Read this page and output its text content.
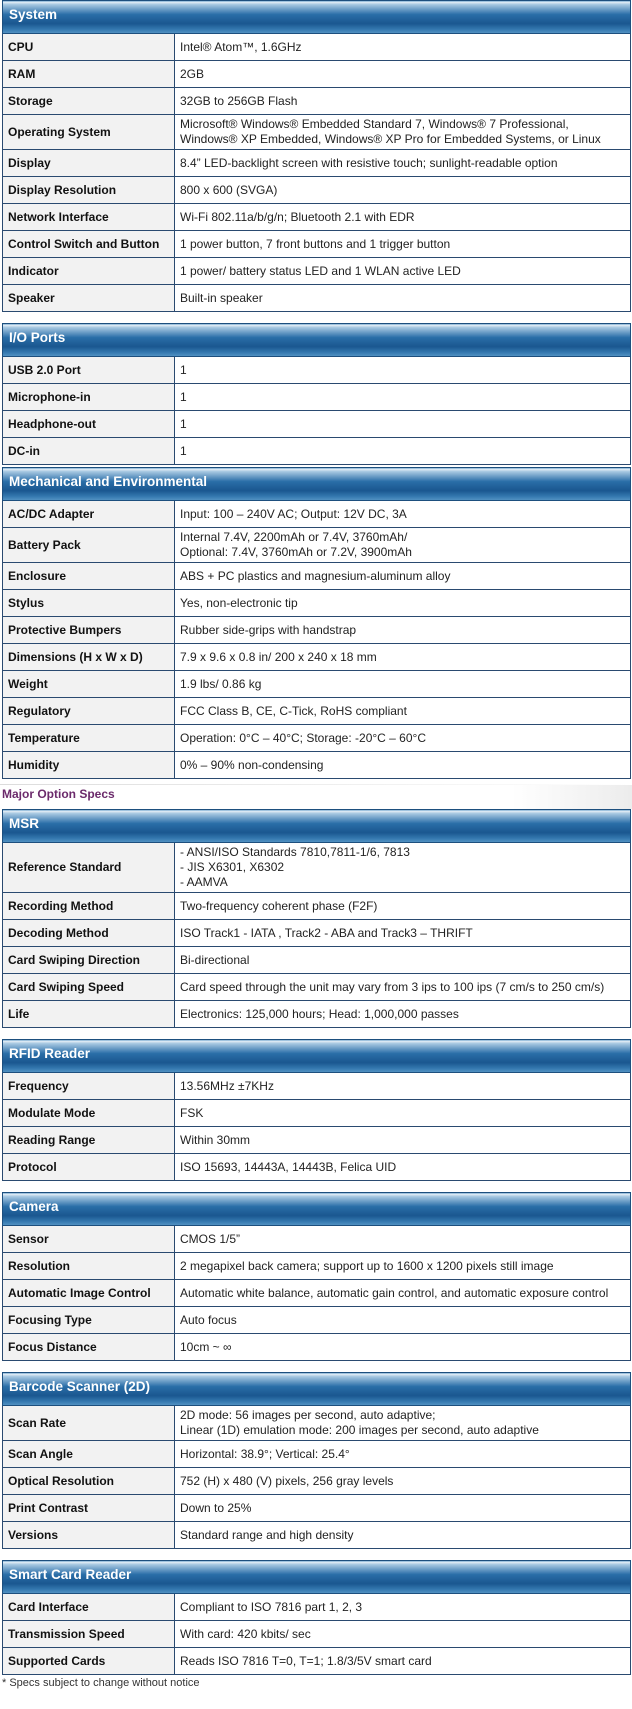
System	
CPU	Intel® Atom™, 1.6GHz

RAM	2GB

Storage	32GB to 256GB Flash

Operating System	Microsoft® Windows® Embedded Standard 7, Windows® 7 Professional,
Windows® XP Embedded, Windows® XP Pro for Embedded Systems, or Linux

Display	8.4” LED-backlight screen with resistive touch; sunlight-readable option

Display Resolution	800 x 600 (SVGA)

Network Interface	Wi-Fi 802.11a/b/g/n; Bluetooth 2.1 with EDR

Control Switch and Button	1 power button, 7 front buttons and 1 trigger button

Indicator	1 power/ battery status LED and 1 WLAN active LED

Speaker	Built-in speaker
I/O Ports	
USB 2.0 Port	1

Microphone-in	1

Headphone-out	1

DC-in	1
Mechanical and Environmental	
AC/DC Adapter	Input: 100 – 240V AC; Output: 12V DC, 3A

Battery Pack	Internal 7.4V, 2200mAh or 7.4V, 3760mAh/
Optional: 7.4V, 3760mAh or 7.2V, 3900mAh

Enclosure	ABS + PC plastics and magnesium-aluminum alloy

Stylus	Yes, non-electronic tip

Protective Bumpers	Rubber side-grips with handstrap

Dimensions (H x W x D)	7.9 x 9.6 x 0.8 in/ 200 x 240 x 18 mm

Weight	1.9 lbs/ 0.86 kg

Regulatory	FCC Class B, CE, C-Tick, RoHS compliant

Temperature	Operation: 0°C – 40°C; Storage: -20°C – 60°C

Humidity	0% – 90% non-condensing
Major Option Specs
MSR	
Reference Standard	- ANSI/ISO Standards 7810,7811-1/6, 7813
- JIS X6301, X6302
- AAMVA

Recording Method	Two-frequency coherent phase (F2F)

Decoding Method	ISO Track1 - IATA , Track2 - ABA and Track3 – THRIFT

Card Swiping Direction	Bi-directional

Card Swiping Speed	Card speed through the unit may vary from 3 ips to 100 ips (7 cm/s to 250 cm/s)

Life	Electronics: 125,000 hours; Head: 1,000,000 passes
RFID Reader	
Frequency	13.56MHz ±7KHz

Modulate Mode	FSK

Reading Range	Within 30mm

Protocol	ISO 15693, 14443A, 14443B, Felica UID
Camera	
Sensor	CMOS 1/5”

Resolution	2 megapixel back camera; support up to 1600 x 1200 pixels still image

Automatic Image Control	Automatic white balance, automatic gain control, and automatic exposure control

Focusing Type	Auto focus

Focus Distance	10cm ~ ∞
Barcode Scanner (2D)	
Scan Rate	2D mode: 56 images per second, auto adaptive;
Linear (1D) emulation mode: 200 images per second, auto adaptive

Scan Angle	Horizontal: 38.9°; Vertical: 25.4°

Optical Resolution	752 (H) x 480 (V) pixels, 256 gray levels

Print Contrast	Down to 25%

Versions	Standard range and high density
Smart Card Reader	
Card Interface	Compliant to ISO 7816 part 1, 2, 3

Transmission Speed	With card: 420 kbits/ sec

Supported Cards	Reads ISO 7816 T=0, T=1; 1.8/3/5V smart card
* Specs subject to change without notice
